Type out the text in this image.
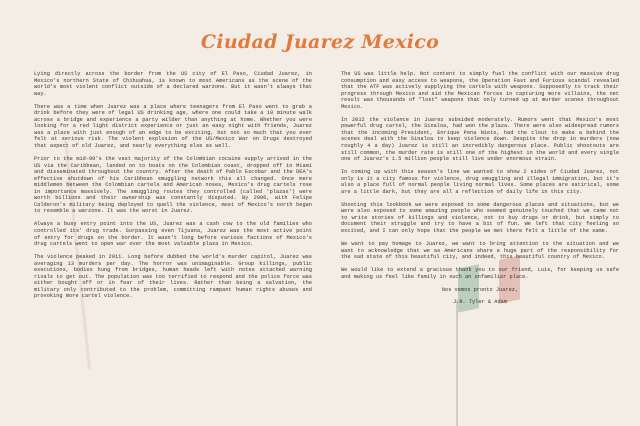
Ciudad Juarez Mexico

Lying directly across the border from the US city of El Paso, Ciudad Juarez, in Mexico's northern State of Chihuahua, is known to most Americans as the scene of the world's most violent conflict outside of a declared warzone. But it wasn't always that way.

There was a time when Juarez was a place where teenagers from El Paso went to grab a drink before they were of legal US drinking age, where one could take a 10 minute walk across a bridge and experience a party wilder than anything at home. Whether you were looking for a red light district experience or just an easy night with friends, Juarez was a place with just enough of an edge to be exciting, but not so much that you ever felt at serious risk. The violent explosion of the US/Mexico War on Drugs destroyed that aspect of old Juarez, and nearly everything else as well.

Prior to the mid-90's the vast majority of the Colombian cocaine supply arrived in the US via the Caribbean, landed on to boats on the Colombian coast, dropped off in Miami and disseminated throughout the country. After the death of Pablo Escobar and the DEA's effective shutdown of his Caribbean smuggling network this all changed. Once mere middlemen between the Colombian cartels and American noses, Mexico's drug cartels rose in importance massively. The smuggling routes they controlled (called 'plazas') were worth billions and their ownership was constantly disputed. By 2006, with Felipe Calderon's military being deployed to quell the violence, most of Mexico's north began to resemble a warzone. It was the worst in Juarez.

Always a busy entry point into the US, Juarez was a cash cow to the old families who controlled its' drug trade. Surpassing even Tijuana, Juarez was the most active point of entry for drugs on the border. It wasn't long before various factions of Mexico's drug cartels went to open war over the most valuable plaza in Mexico.

The violence peaked in 2011. Long before dubbed the world's murder capitol, Juarez was averaging 13 murders per day. The horror was unimaginable. Group killings, public executions, bodies hung from bridges, human heads left with notes attached warning rivals to get out. The population was too terrified to respond and the police force was either bought off or in fear of their lives. Rather than being a salvation, the military only contributed to the problem, committing rampant human rights abuses and provoking more cartel violence.

The US was little help. Not content to simply fuel the conflict with our massive drug consumption and easy access to weapons, the Operation Fast and Furious scandal revealed that the ATF was actively supplying the cartels with weapons. Supposedly to track their progress through Mexico and aid the Mexican forces in capturing more villains, the net result was thousands of "lost" weapons that only turned up at murder scenes throughout Mexico.

In 2012 the violence in Juarez subsided moderately. Rumors went that Mexico's most powerful drug cartel, the Sinaloa, had won the plaza. There were also widespread rumors that the incoming President, Enrique Pena Nieto, had the clout to make a behind the scenes deal with the Sinaloa to keep violence down. Despite the drop in murders (now roughly 4 a day) Juarez is still an incredibly dangerous place. Public shootouts are still common, the murder rate is still one of the highest in the world and every single one of Juarez's 1.5 million people still live under enormous strain.

In coming up with this season's line we wanted to show 2 sides of Ciudad Juarez, not only is it a city famous for violence, drug smuggling and illegal immigration, but it's also a place full of normal people living normal lives. Some places are satirical, some are a little dark, but they are all a reflection of daily life in this city.

Shooting this lookbook we were exposed to some dangerous places and situations, but we were also exposed to some amazing people who seemed genuinely touched that we came not to write stories of killings and violence, not to buy drugs or drink, but simply to document their struggle and try to have a bit of fun. We left that city feeling so excited, and I can only hope that the people we met there felt a little of the same.

We want to pay homage to Juarez, we want to bring attention to the situation and we want to acknowledge that we as Americans share a huge part of the responsibility for the sad state of this beautiful city, and indeed, this beautiful country of Mexico.

We would like to extend a gracious thank you to our friend, Luis, for keeping us safe and making us feel like family in such an unfamiliar place.

Nos vemos pronto Juarez,

J.R. Tyler & Adam
